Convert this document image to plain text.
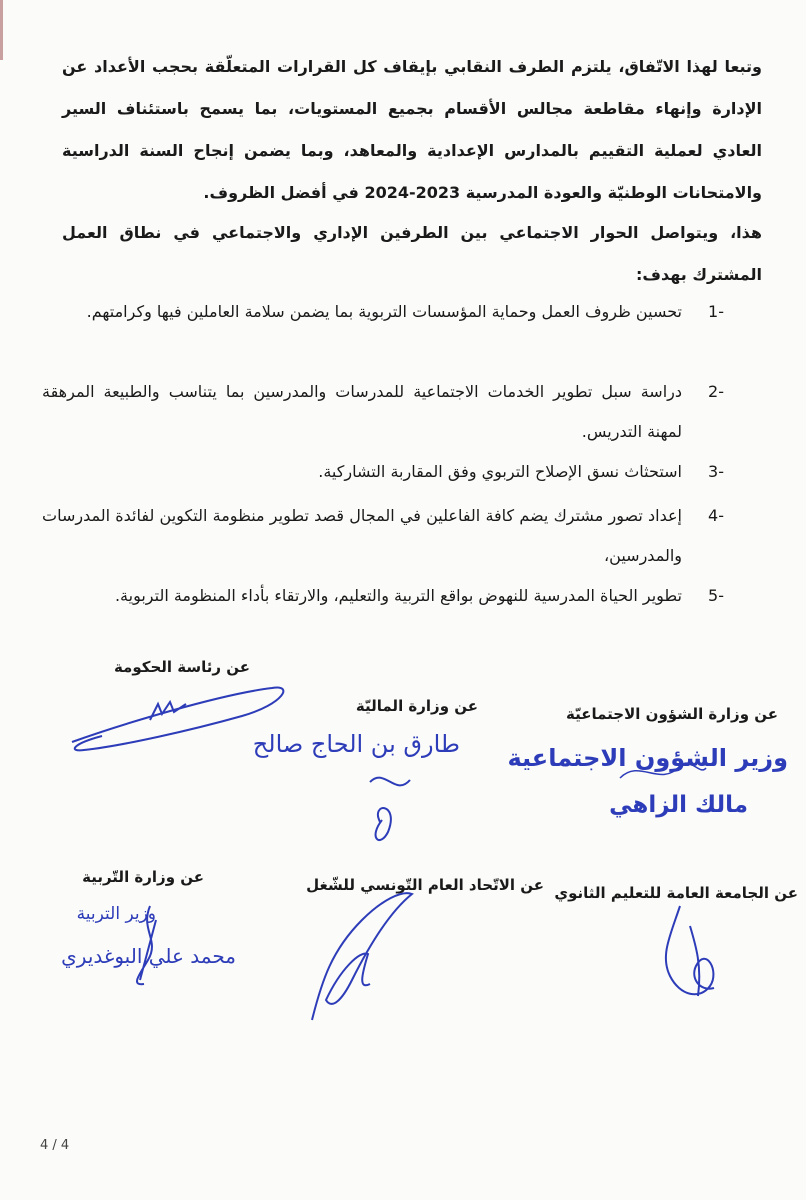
وتبعا لهذا الاتّفاق، يلتزم الطرف النقابي بإيقاف كل القرارات المتعلّقة بحجب الأعداد عن الإدارة وإنهاء مقاطعة مجالس الأقسام بجميع المستويات، بما يسمح باستئناف السير العادي لعملية التقييم بالمدارس الإعدادية والمعاهد، وبما يضمن إنجاح السنة الدراسية والامتحانات الوطنيّة والعودة المدرسية 2023-2024 في أفضل الظروف.

هذا، ويتواصل الحوار الاجتماعي بين الطرفين الإداري والاجتماعي في نطاق العمل المشترك بهدف:

1-
تحسين ظروف العمل وحماية المؤسسات التربوية بما يضمن سلامة العاملين فيها وكرامتهم.
2-
دراسة سبل تطوير الخدمات الاجتماعية للمدرسات والمدرسين بما يتناسب والطبيعة المرهقة لمهنة التدريس.
3-
استحثاث نسق الإصلاح التربوي وفق المقاربة التشاركية.
4-
إعداد تصور مشترك يضم كافة الفاعلين في المجال قصد تطوير منظومة التكوين لفائدة المدرسات والمدرسين،
5-
تطوير الحياة المدرسية للنهوض بواقع التربية والتعليم، والارتقاء بأداء المنظومة التربوية.
عن رئاسة الحكومة
عن وزارة الماليّة
طارق بن الحاج صالح
عن وزارة الشؤون الاجتماعيّة
وزير الشؤون الاجتماعية
مالك الزاهي
عن وزارة التّربية
وزير التربية
محمد علي البوغديري
عن الاتّحاد العام التّونسي للشّغل عن الجامعة العامة للتعليم الثانوي
4 / 4
